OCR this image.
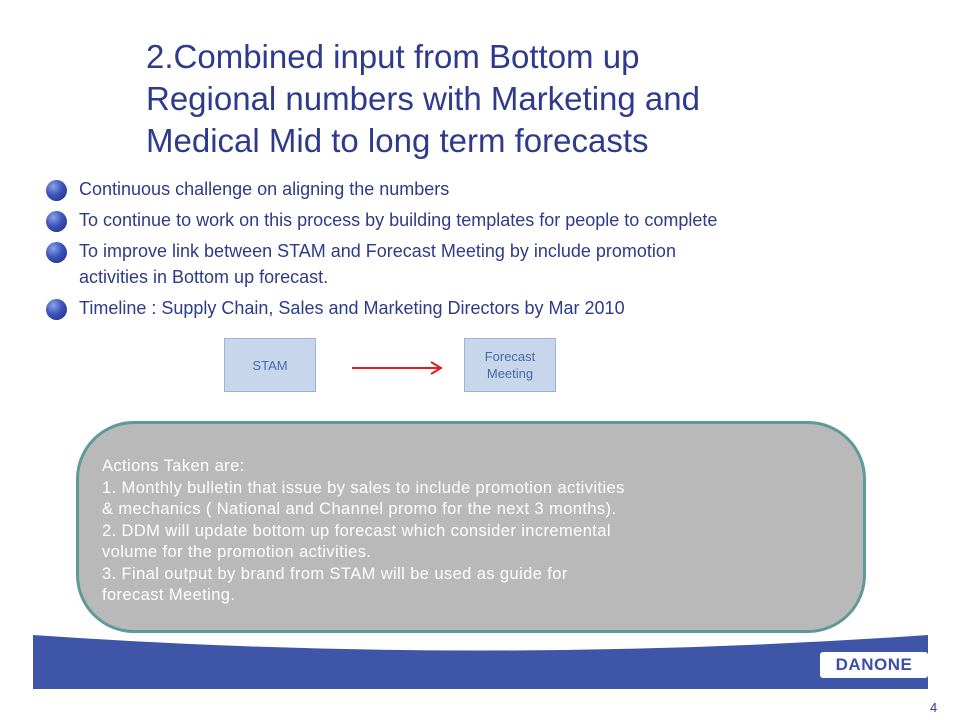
2.Combined input from Bottom up
Regional numbers with Marketing and
Medical Mid to long term forecasts
Continuous challenge on aligning the numbers
To continue to work on this process by building templates for people to complete
To improve link between STAM and Forecast Meeting by include promotion
activities in Bottom up forecast.
Timeline : Supply Chain, Sales and Marketing Directors by Mar 2010
STAM
Forecast
Meeting
Actions Taken are:
1. Monthly bulletin that issue by sales to include promotion activities
& mechanics ( National and Channel promo for the next 3 months).
2. DDM will update bottom up forecast which consider incremental
volume for the promotion activities.
3. Final output by brand from STAM will be used as guide for
forecast Meeting.
DANONE
4
